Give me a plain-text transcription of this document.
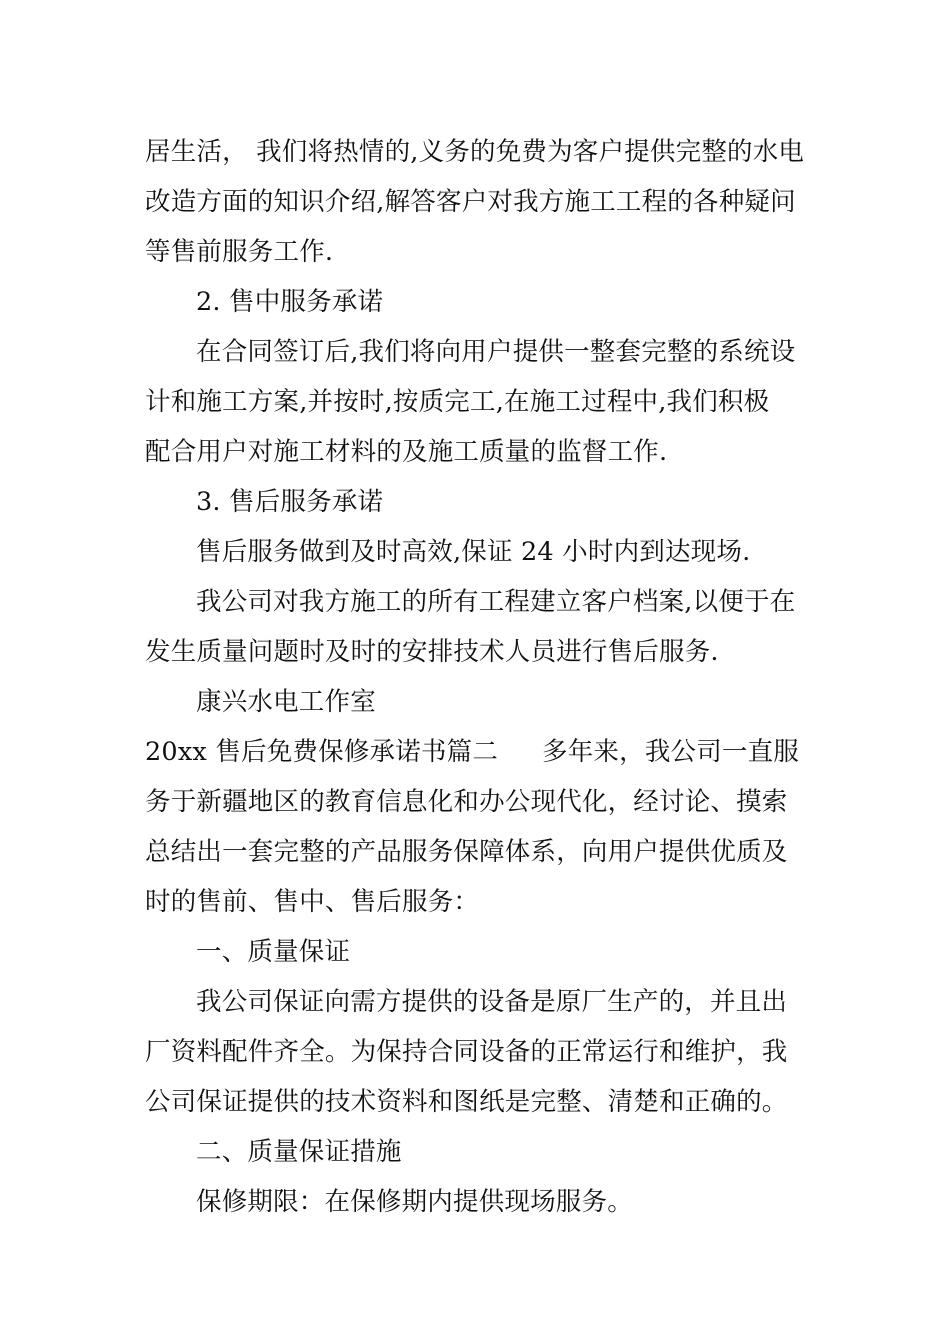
居生活， 我们将热情的,义务的免费为客户提供完整的水电
改造方面的知识介绍,解答客户对我方施工工程的各种疑问
等售前服务工作.
2. 售中服务承诺
在合同签订后,我们将向用户提供一整套完整的系统设
计和施工方案,并按时,按质完工,在施工过程中,我们积极
配合用户对施工材料的及施工质量的监督工作.
3. 售后服务承诺
售后服务做到及时高效,保证 24 小时内到达现场.
我公司对我方施工的所有工程建立客户档案,以便于在
发生质量问题时及时的安排技术人员进行售后服务.
康兴水电工作室
20xx 售后免费保修承诺书篇二 多年来，我公司一直服
务于新疆地区的教育信息化和办公现代化，经讨论、摸索
总结出一套完整的产品服务保障体系，向用户提供优质及
时的售前、售中、售后服务：
一、质量保证
我公司保证向需方提供的设备是原厂生产的，并且出
厂资料配件齐全。为保持合同设备的正常运行和维护，我
公司保证提供的技术资料和图纸是完整、清楚和正确的。
二、质量保证措施
保修期限：在保修期内提供现场服务。
